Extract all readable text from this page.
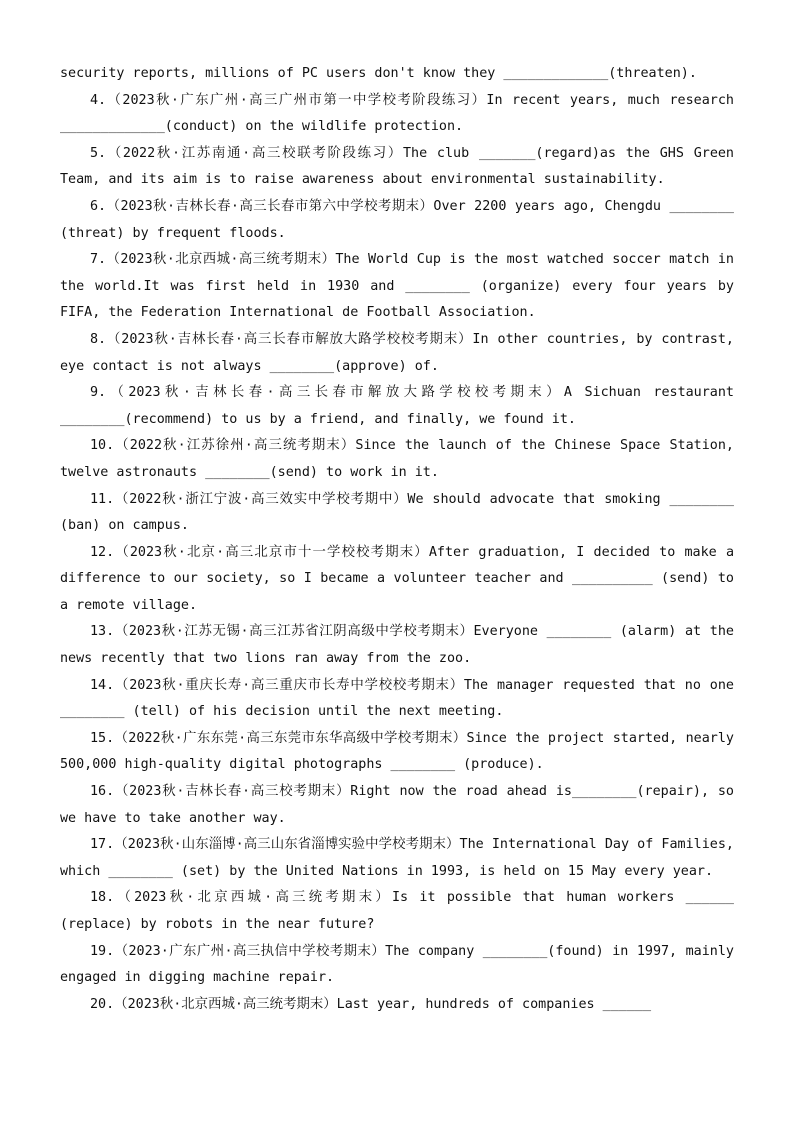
security reports, millions of PC users don't know they _____________(threaten).

4.（2023秋·广东广州·高三广州市第一中学校考阶段练习）In recent years, much research _____________(conduct) on the wildlife protection.

5.（2022秋·江苏南通·高三校联考阶段练习）The club _______(regard)as the GHS Green Team, and its aim is to raise awareness about environmental sustainability.

6.（2023秋·吉林长春·高三长春市第六中学校考期末）Over 2200 years ago, Chengdu ________ (threat) by frequent floods.

7.（2023秋·北京西城·高三统考期末）The World Cup is the most watched soccer match in the world.It was first held in 1930 and ________ (organize) every four years by FIFA, the Federation International de Football Association.

8.（2023秋·吉林长春·高三长春市解放大路学校校考期末）In other countries, by contrast, eye contact is not always ________(approve) of.

9.（2023秋·吉林长春·高三长春市解放大路学校校考期末）A Sichuan restaurant ________(recommend) to us by a friend, and finally, we found it.

10.（2022秋·江苏徐州·高三统考期末）Since the launch of the Chinese Space Station, twelve astronauts ________(send) to work in it.

11.（2022秋·浙江宁波·高三效实中学校考期中）We should advocate that smoking ________ (ban) on campus.

12.（2023秋·北京·高三北京市十一学校校考期末）After graduation, I decided to make a difference to our society, so I became a volunteer teacher and __________ (send) to a remote village.

13.（2023秋·江苏无锡·高三江苏省江阴高级中学校考期末）Everyone ________ (alarm) at the news recently that two lions ran away from the zoo.

14.（2023秋·重庆长寿·高三重庆市长寿中学校校考期末）The manager requested that no one ________ (tell) of his decision until the next meeting.

15.（2022秋·广东东莞·高三东莞市东华高级中学校考期末）Since the project started, nearly 500,000 high-quality digital photographs ________ (produce).

16.（2023秋·吉林长春·高三校考期末）Right now the road ahead is________(repair), so we have to take another way.

17.（2023秋·山东淄博·高三山东省淄博实验中学校考期末）The International Day of Families, which ________ (set) by the United Nations in 1993, is held on 15 May every year.

18.（2023秋·北京西城·高三统考期末）Is it possible that human workers ______ (replace) by robots in the near future?

19.（2023·广东广州·高三执信中学校考期末）The company ________(found) in 1997, mainly engaged in digging machine repair.

20.（2023秋·北京西城·高三统考期末）Last year, hundreds of companies ______
